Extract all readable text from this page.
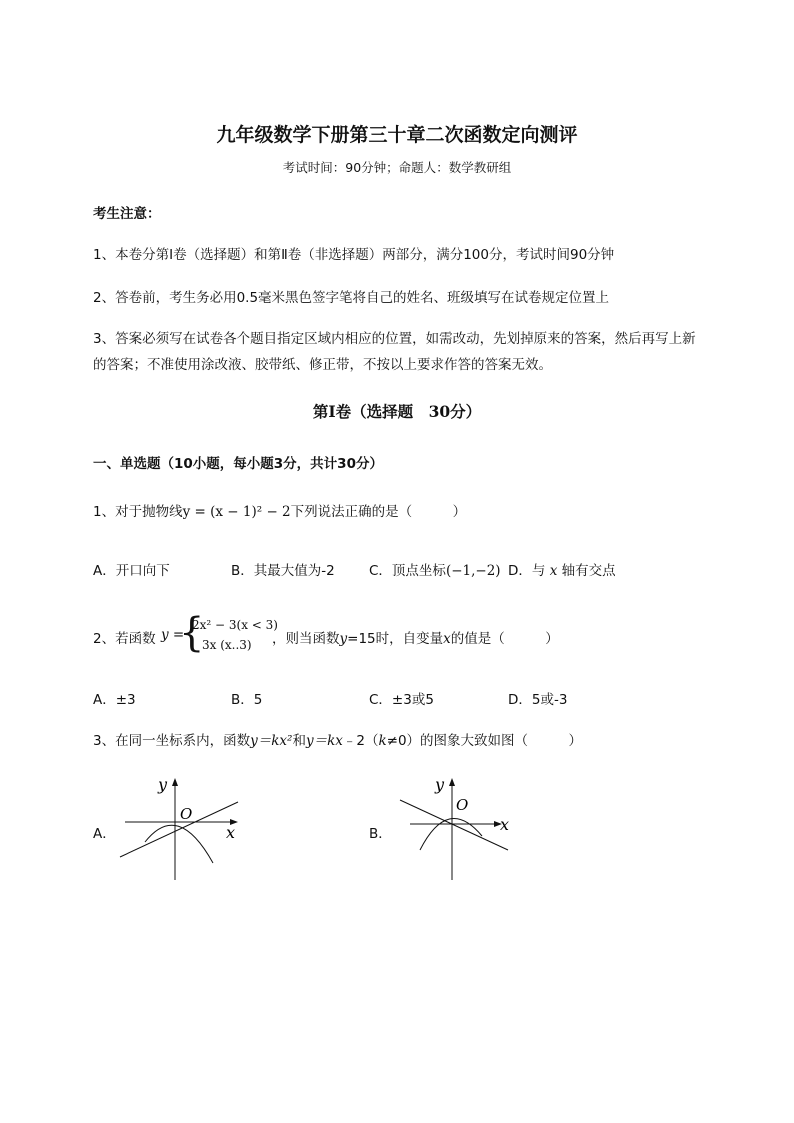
九年级数学下册第三十章二次函数定向测评
考试时间：90分钟；命题人：数学教研组
考生注意：
1、本卷分第I卷（选择题）和第Ⅱ卷（非选择题）两部分，满分100分，考试时间90分钟
2、答卷前，考生务必用0.5毫米黑色签字笔将自己的姓名、班级填写在试卷规定位置上
3、答案必须写在试卷各个题目指定区域内相应的位置，如需改动，先划掉原来的答案，然后再写上新
的答案；不准使用涂改液、胶带纸、修正带，不按以上要求作答的答案无效。
第I卷（选择题　30分）
一、单选题（10小题，每小题3分，共计30分）
1、对于抛物线y = (x − 1)² − 2下列说法正确的是（　　　）
A．开口向下	B．其最大值为-2	C．顶点坐标(−1,−2) D．与 x 轴有交点
2、若函数 y =
{
2x² − 3(x < 3)
3x (x..3) ，则当函数y=15时，自变量x的值是（　　　）
A．±3	B．5	C．±3或5	D．5或-3
3、在同一坐标系内，函数y＝kx²和y＝kx﹣2（k≠0）的图象大致如图（　　　）
A．
y
x
O
B．
y
x
O
